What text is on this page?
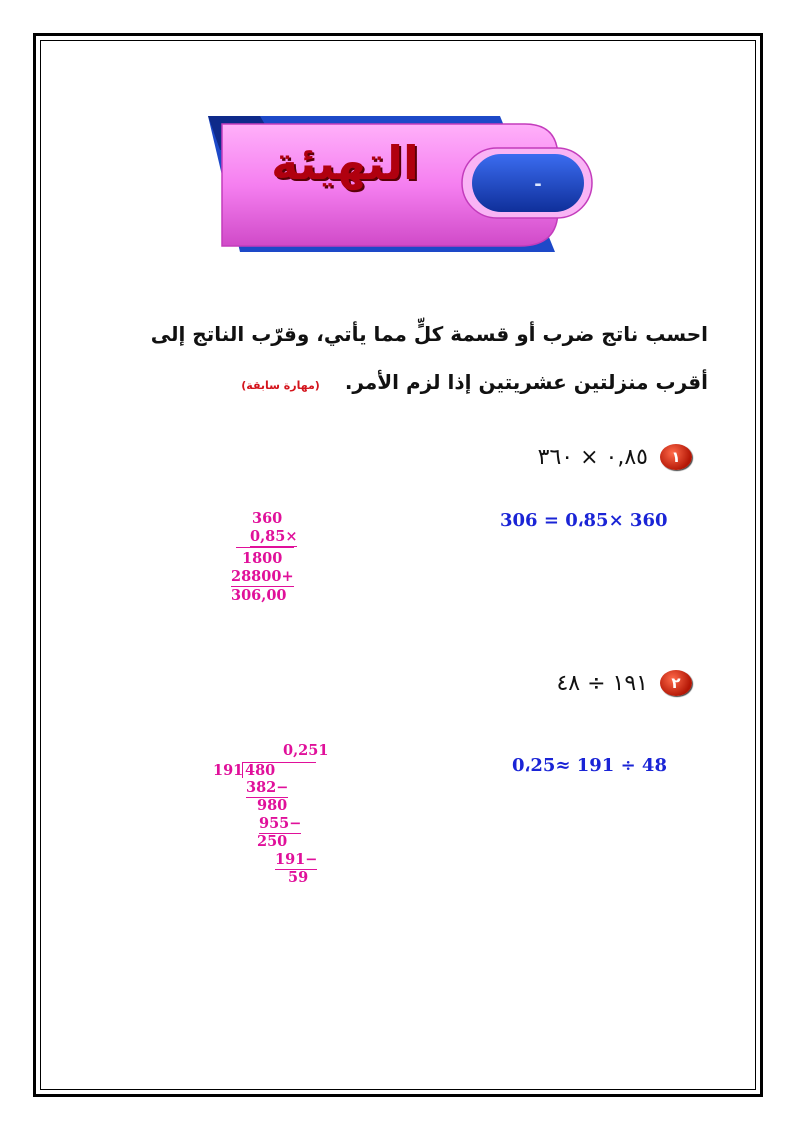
التهيئة	-
احسب ناتج ضرب أو قسمة كلٍّ مما يأتي، وقرّب الناتج إلى
أقرب منزلتين عشريتين إذا لزم الأمر. (مهارة سابقة)
١
٠,٨٥ × ٣٦٠
306 = 0،85× 360
360
0,85×
1800
28800+
306,00
٢
١٩١ ÷ ٤٨
0،25≈ 191 ÷ 48
0,251
191 480
382−
980
955−
250
191−
59
